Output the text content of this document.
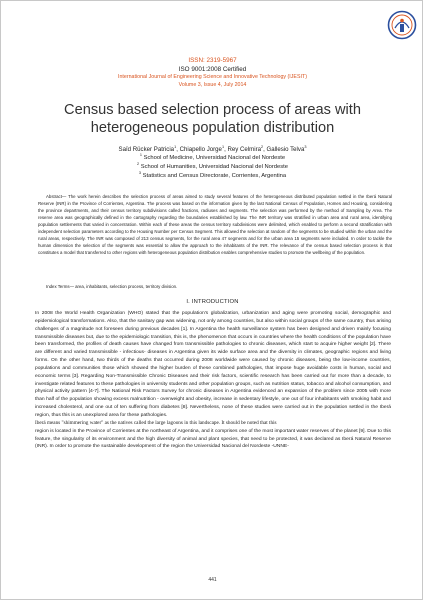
ISSN: 2319-5967
ISO 9001:2008 Certified
International Journal of Engineering Science and Innovative Technology (IJESIT)
Volume 3, Issue 4, July 2014
Census based selection process of areas with heterogeneous population distribution
Saïd Rücker Patricia$^1$, Chiapello Jorge$^1$, Rey Celmira$^2$, Gallesio Telva$^3$
$^1$ School of Medicine, Universidad Nacional del Nordeste
$^2$ School of Humanities, Universidad Nacional del Nordeste
$^3$ Statistics and Census Directorate, Corrientes, Argentina
Abstract— The work herein describes the selection process of areas aimed to study several features of the heterogeneous distributed population settled in the Iberá Natural Reserve (INR) in the Province of Corrientes, Argentina. The process was based on the information given by the last National Census of Population, Homes and Housing, considering the province departments, and their census territory subdivisions called fractions, radiuses and segments. The selection was performed by the method of Sampling by Area. The reserve area was geographically defined in the cartography regarding the boundaries established by law. The INR territory was stratified in urban area and rural area, identifying population settlements that varied in concentration. Within each of these areas the census territory subdivisions were delimited, which enabled to perform a second stratification with independent selection parameters according to the Housing Number per Census Segment. This allowed the selection at random of the segments to be studied within the urban and the rural areas, respectively. The INR was composed of 213 census segments, for the rural area 47 segments and for the urban area 15 segments were included. In order to tackle the human dimension the selection of the segments was essential to allow the approach to the inhabitants of the INR. The relevance of the census based selection process is that constitutes a model that transferred to other regions with heterogeneous population distribution enables comprehensive studies to promote the wellbeing of the population.
Index Terms— area, inhabitants, selection process, territory division.
I. INTRODUCTION

In 2008 the World Health Organization (WHO) stated that the population's globalization, urbanization and aging were promoting social, demographic and epidemiological transformations. Also, that the sanitary gap was widening, not only among countries, but also within social groups of the same country, thus arising challenges of a magnitude not foreseen during previous decades [1]. In Argentina the health surveillance system has been designed and driven mainly focusing transmissible diseases but, due to the epidemiologic transition, this is, the phenomenon that occurs in countries where the health conditions of the population have been transformed, the profiles of death causes have changed from transmissible pathologies to chronic diseases, which start to acquire higher weight [2]. There are different and varied transmissible - infectious- diseases in Argentina given its wide surface area and the diversity in climates, geographic regions and living forms. On the other hand, two thirds of the deaths that occurred during 2008 worldwide were caused by chronic diseases, being the low-income countries, populations and communities those which showed the higher burden of these combined pathologies, that impose huge avoidable costs in human, social and economic terms [3]. Regarding Non-Transmissible Chronic Diseases and their risk factors, scientific research has been carried out for more than a decade, to investigate related features to these pathologies in university students and other population groups, such as nutrition status, tobacco and alcohol consumption, and physical activity pattern [4-7]. The National Risk Factors Survey for chronic diseases in Argentina evidenced an expansion of the problem since 2005 with more than half of the population showing excess malnutrition - overweight and obesity, increase in sedentary lifestyle, one out of four inhabitants with smoking habit and increased cholesterol, and one out of ten suffering from diabetes [8]. Nevertheless, none of these studies were carried out in the population settled in the Iberá region, thus this is an unexplored area for these pathologies.

Iberá means "shimmering water" as the natives called the large lagoons in this landscape. It should be noted that this

region is located in the Province of Corrientes at the northeast of Argentina, and it comprises one of the most important water reserves of the planet [9]. Due to this feature, the singularity of its environment and the high diversity of animal and plant species, that need to be protected, it was declared as Iberá Natural Reserve (INR). In order to promote the sustainable development of the region the Universidad Nacional del Nordeste -UNNE-

441
